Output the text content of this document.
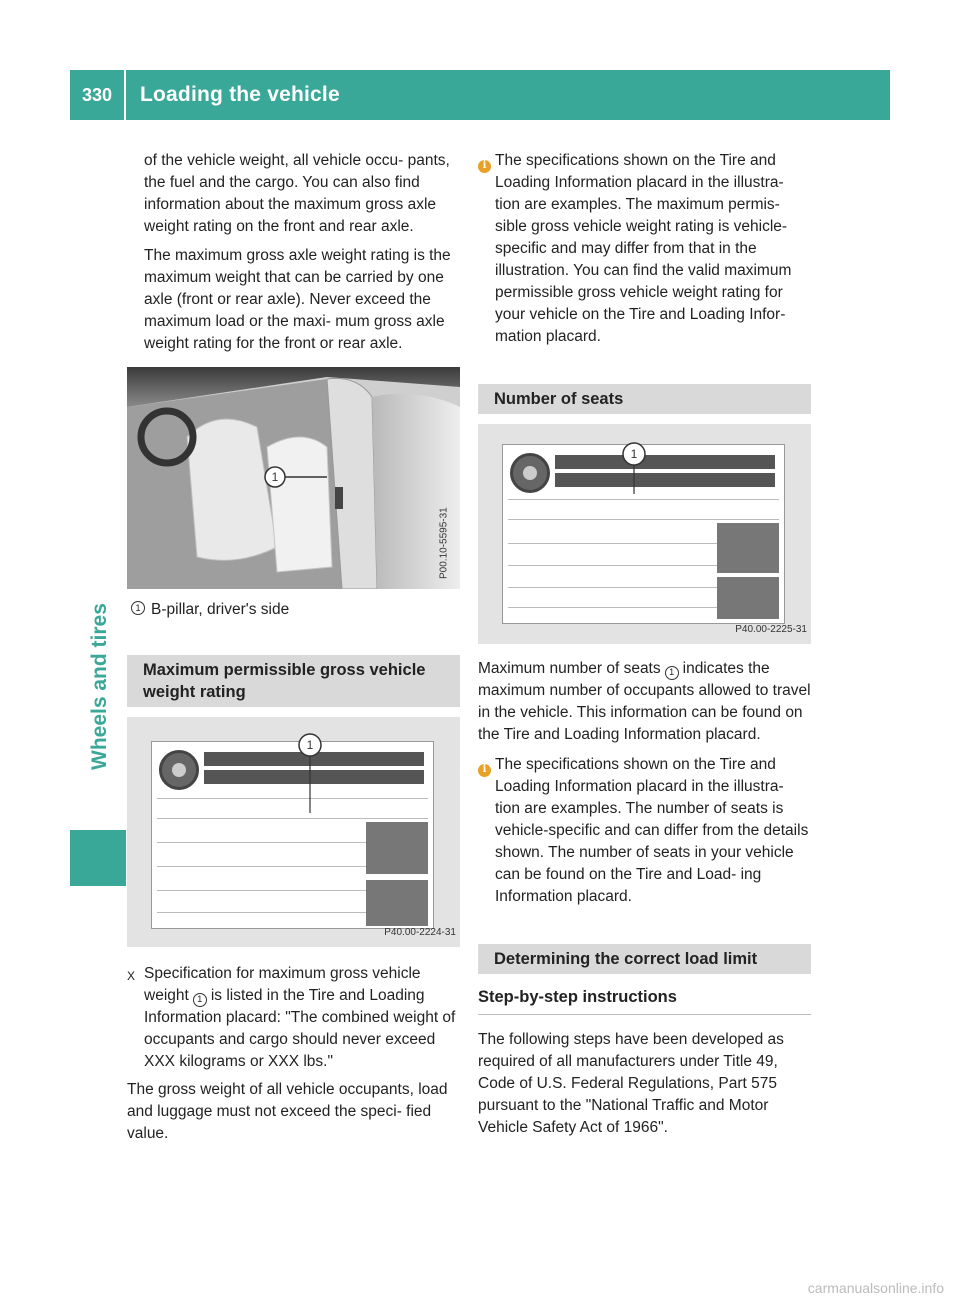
330	Loading the vehicle
Wheels and tires
of the vehicle weight, all vehicle occu- pants, the fuel and the cargo. You can also find information about the maximum gross axle weight rating on the front and rear axle.
The maximum gross axle weight rating is the maximum weight that can be carried by one axle (front or rear axle). Never exceed the maximum load or the maxi- mum gross axle weight rating for the front or rear axle.
1
P00.10-5595-31
1 B-pillar, driver's side
Maximum permissible gross vehicle weight rating
1
P40.00-2224-31
X Specification for maximum gross vehicle weight 1 is listed in the Tire and Loading Information placard: "The combined weight of occupants and cargo should never exceed XXX kilograms or XXX lbs."
The gross weight of all vehicle occupants, load and luggage must not exceed the speci- fied value.
i The specifications shown on the Tire and Loading Information placard in the illustra- tion are examples. The maximum permis- sible gross vehicle weight rating is vehicle- specific and may differ from that in the illustration. You can find the valid maximum permissible gross vehicle weight rating for your vehicle on the Tire and Loading Infor- mation placard.
Number of seats
1
P40.00-2225-31
Maximum number of seats 1 indicates the maximum number of occupants allowed to travel in the vehicle. This information can be found on the Tire and Loading Information placard.
i The specifications shown on the Tire and Loading Information placard in the illustra- tion are examples. The number of seats is vehicle-specific and can differ from the details shown. The number of seats in your vehicle can be found on the Tire and Load- ing Information placard.
Determining the correct load limit
Step-by-step instructions
The following steps have been developed as required of all manufacturers under Title 49, Code of U.S. Federal Regulations, Part 575 pursuant to the "National Traffic and Motor Vehicle Safety Act of 1966".
carmanualsonline.info
